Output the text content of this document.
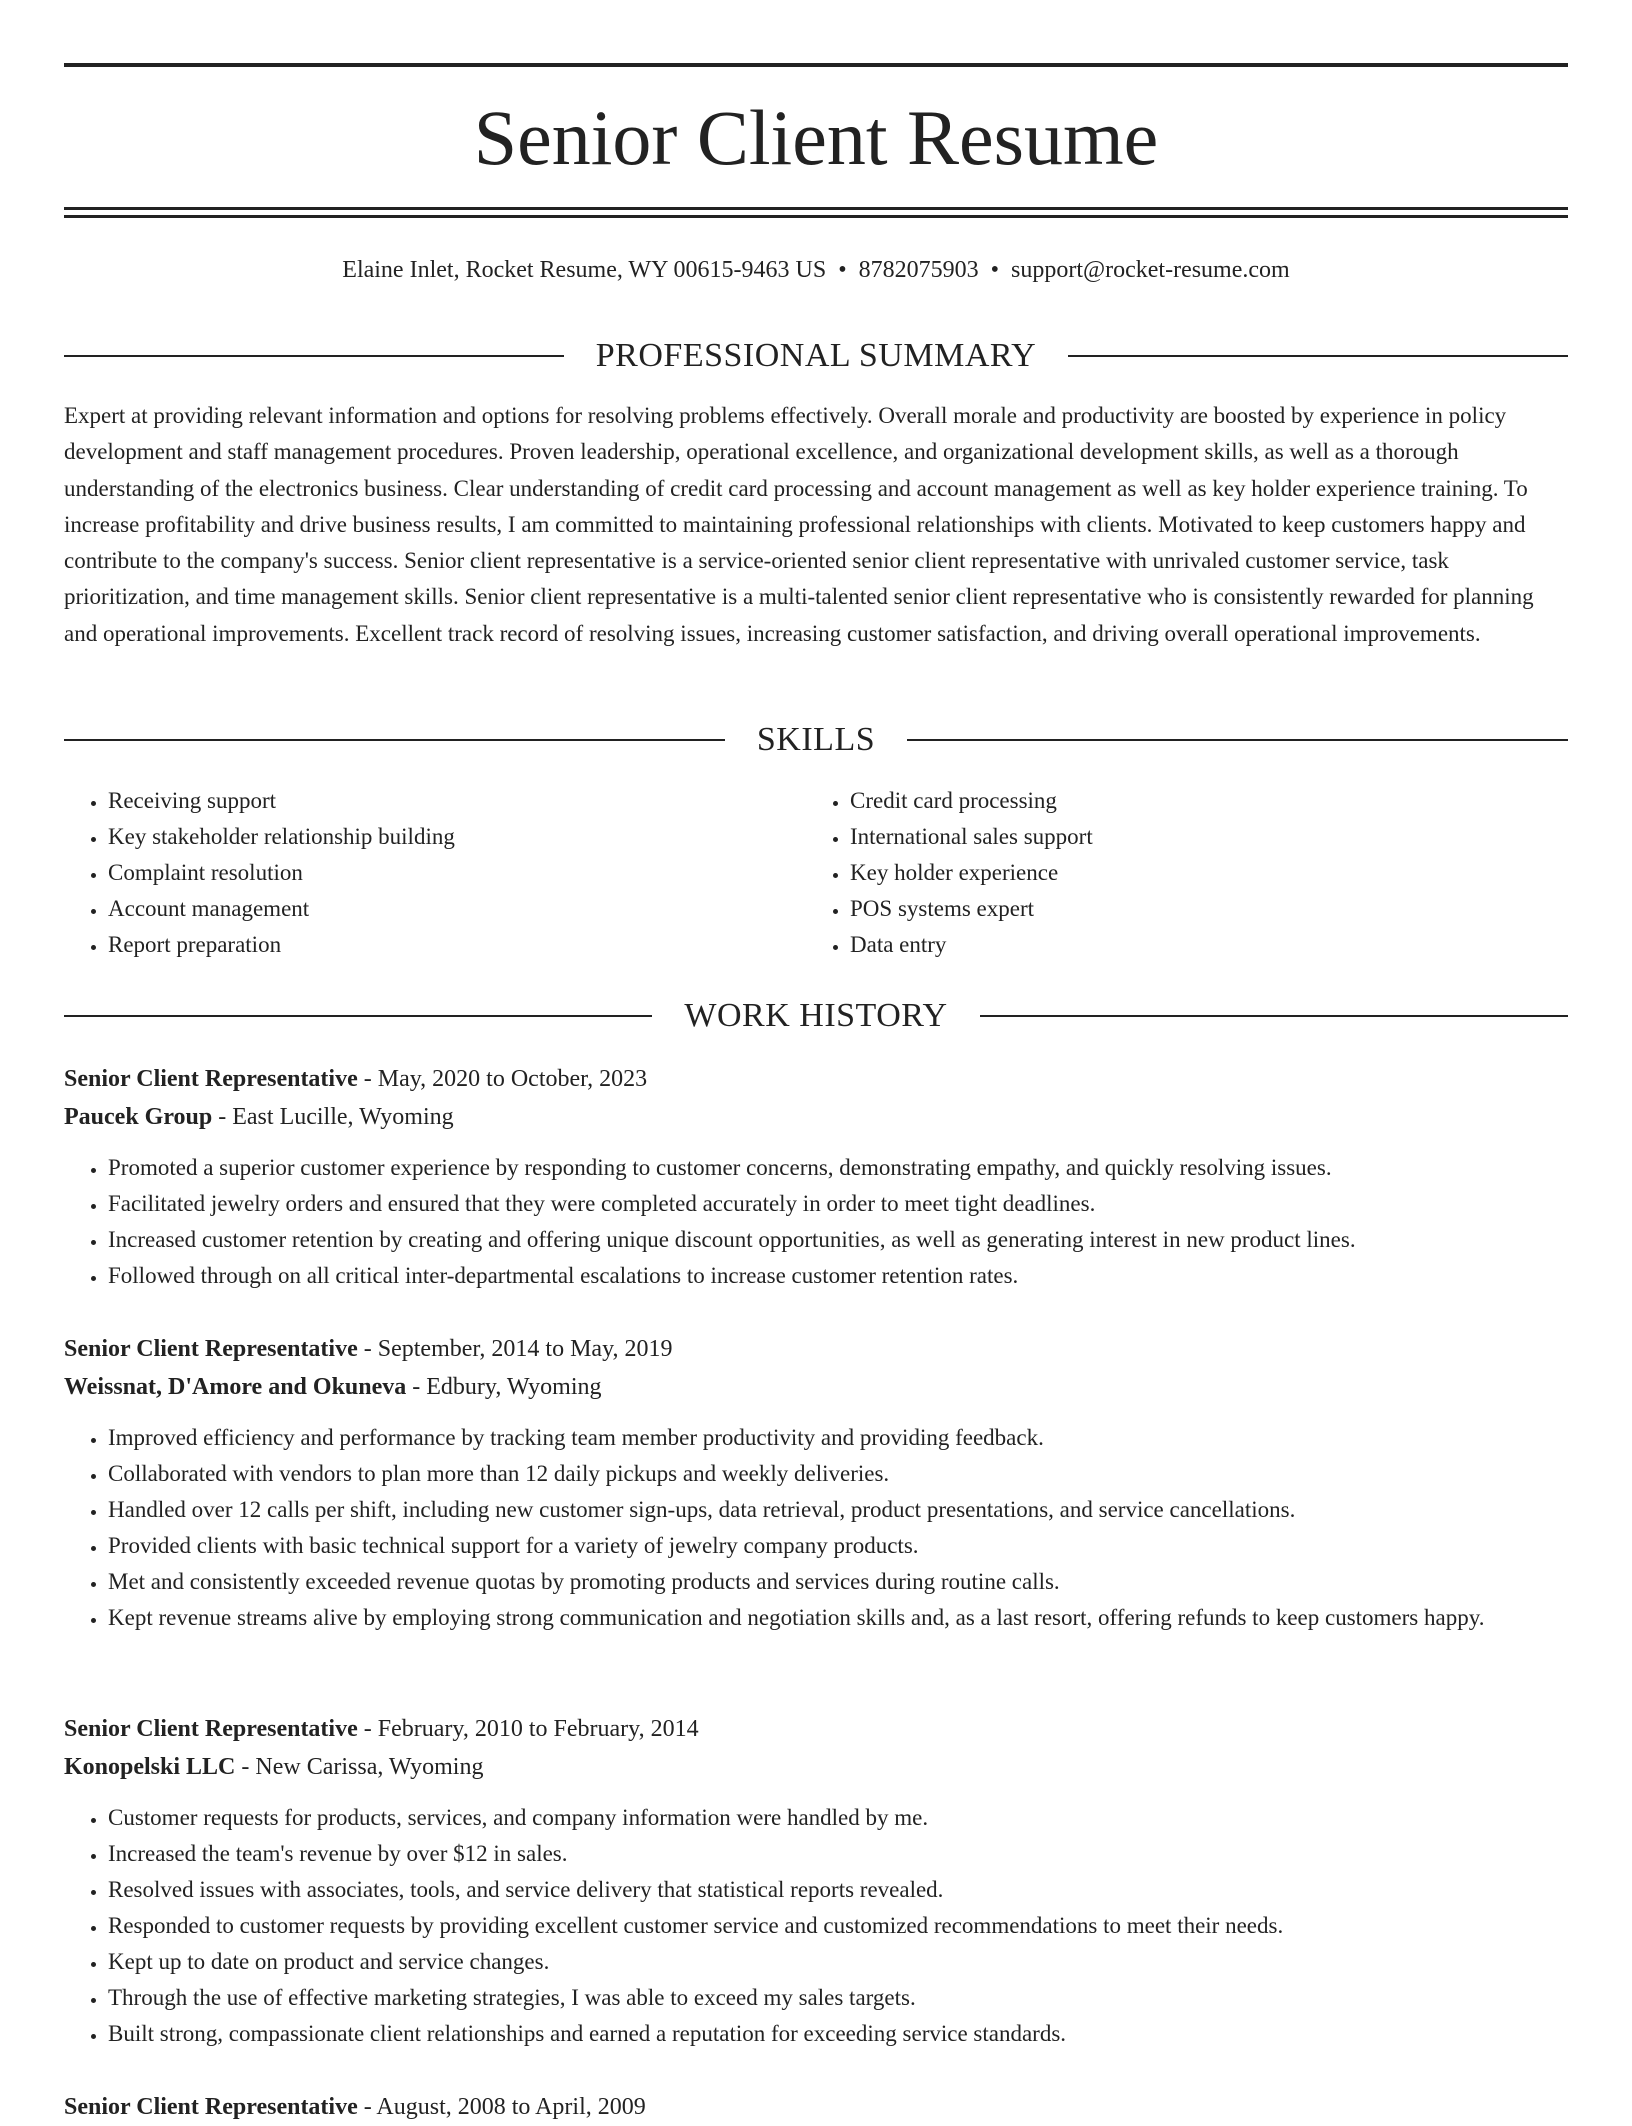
Senior Client Resume
Elaine Inlet, Rocket Resume, WY 00615-9463 US • 8782075903 • support@rocket-resume.com
PROFESSIONAL SUMMARY

Expert at providing relevant information and options for resolving problems effectively. Overall morale and productivity are boosted by experience in policy development and staff management procedures. Proven leadership, operational excellence, and organizational development skills, as well as a thorough understanding of the electronics business. Clear understanding of credit card processing and account management as well as key holder experience training. To increase profitability and drive business results, I am committed to maintaining professional relationships with clients. Motivated to keep customers happy and contribute to the company's success. Senior client representative is a service-oriented senior client representative with unrivaled customer service, task prioritization, and time management skills. Senior client representative is a multi-talented senior client representative who is consistently rewarded for planning and operational improvements. Excellent track record of resolving issues, increasing customer satisfaction, and driving overall operational improvements.

SKILLS
• Receiving support
• Key stakeholder relationship building
• Complaint resolution
• Account management
• Report preparation
• Credit card processing
• International sales support
• Key holder experience
• POS systems expert
• Data entry
WORK HISTORY

Senior Client Representative - May, 2020 to October, 2023

Paucek Group - East Lucille, Wyoming

• Promoted a superior customer experience by responding to customer concerns, demonstrating empathy, and quickly resolving issues.
• Facilitated jewelry orders and ensured that they were completed accurately in order to meet tight deadlines.
• Increased customer retention by creating and offering unique discount opportunities, as well as generating interest in new product lines.
• Followed through on all critical inter-departmental escalations to increase customer retention rates.

Senior Client Representative - September, 2014 to May, 2019

Weissnat, D'Amore and Okuneva - Edbury, Wyoming

• Improved efficiency and performance by tracking team member productivity and providing feedback.
• Collaborated with vendors to plan more than 12 daily pickups and weekly deliveries.
• Handled over 12 calls per shift, including new customer sign-ups, data retrieval, product presentations, and service cancellations.
• Provided clients with basic technical support for a variety of jewelry company products.
• Met and consistently exceeded revenue quotas by promoting products and services during routine calls.
• Kept revenue streams alive by employing strong communication and negotiation skills and, as a last resort, offering refunds to keep customers happy.

Senior Client Representative - February, 2010 to February, 2014

Konopelski LLC - New Carissa, Wyoming

• Customer requests for products, services, and company information were handled by me.
• Increased the team's revenue by over $12 in sales.
• Resolved issues with associates, tools, and service delivery that statistical reports revealed.
• Responded to customer requests by providing excellent customer service and customized recommendations to meet their needs.
• Kept up to date on product and service changes.
• Through the use of effective marketing strategies, I was able to exceed my sales targets.
• Built strong, compassionate client relationships and earned a reputation for exceeding service standards.

Senior Client Representative - August, 2008 to April, 2009
